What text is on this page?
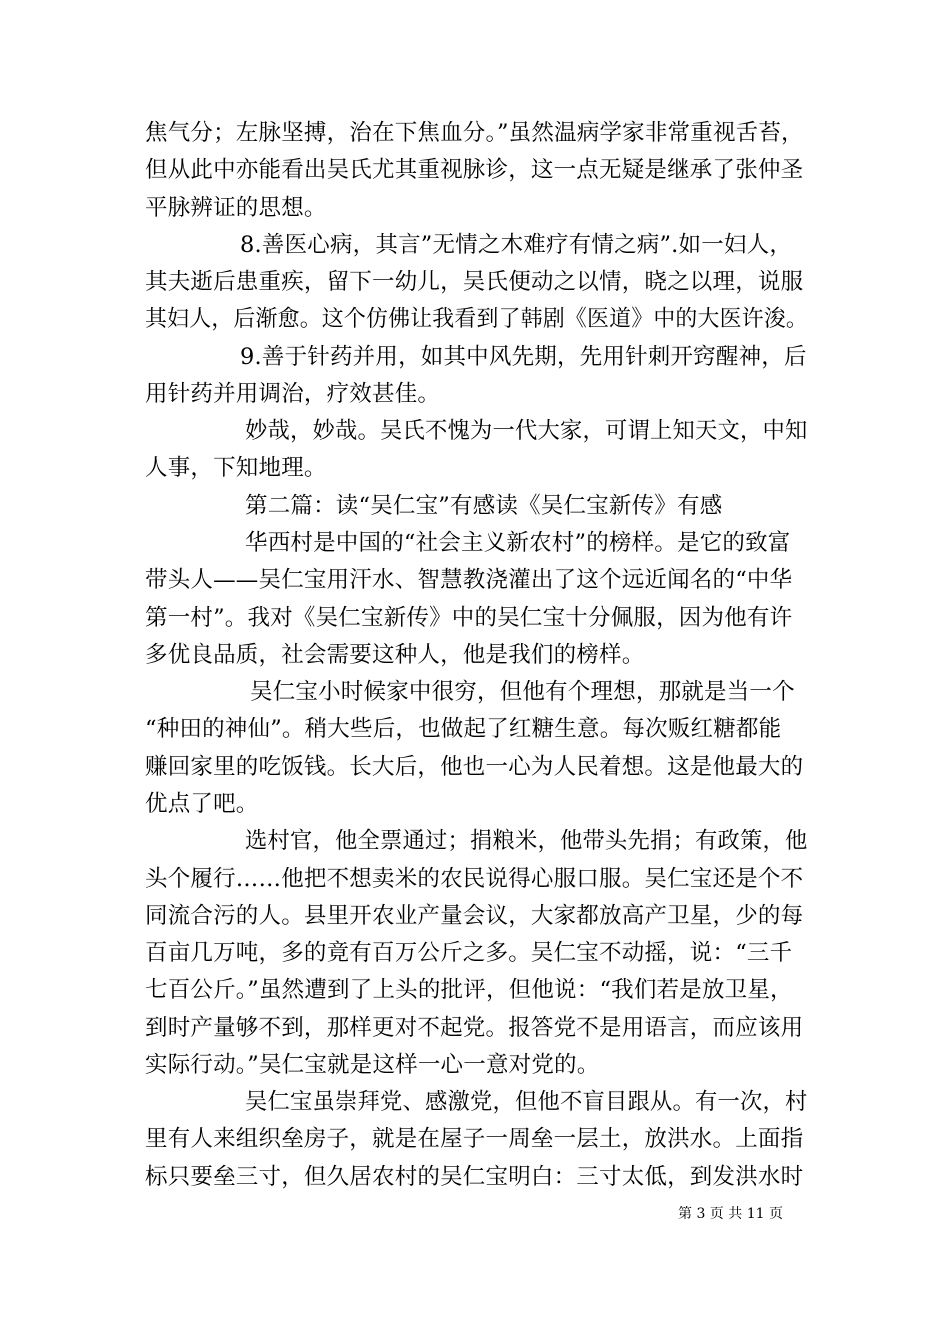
焦气分；左脉坚搏，治在下焦血分。”虽然温病学家非常重视舌苔，
但从此中亦能看出吴氏尤其重视脉诊，这一点无疑是继承了张仲圣
平脉辨证的思想。
8.善医心病，其言”无情之木难疗有情之病”.如一妇人，
其夫逝后患重疾，留下一幼儿，吴氏便动之以情，晓之以理，说服
其妇人，后渐愈。这个仿佛让我看到了韩剧《医道》中的大医许浚。
9.善于针药并用，如其中风先期，先用针刺开窍醒神，后
用针药并用调治，疗效甚佳。
妙哉，妙哉。吴氏不愧为一代大家，可谓上知天文，中知
人事，下知地理。
第二篇：读“吴仁宝”有感读《吴仁宝新传》有感
华西村是中国的“社会主义新农村”的榜样。是它的致富
带头人——吴仁宝用汗水、智慧教浇灌出了这个远近闻名的“中华
第一村”。我对《吴仁宝新传》中的吴仁宝十分佩服，因为他有许
多优良品质，社会需要这种人，他是我们的榜样。
吴仁宝小时候家中很穷，但他有个理想，那就是当一个
“种田的神仙”。稍大些后，也做起了红糖生意。每次贩红糖都能
赚回家里的吃饭钱。长大后，他也一心为人民着想。这是他最大的
优点了吧。
选村官，他全票通过；捐粮米，他带头先捐；有政策，他
头个履行……他把不想卖米的农民说得心服口服。吴仁宝还是个不
同流合污的人。县里开农业产量会议，大家都放高产卫星，少的每
百亩几万吨，多的竟有百万公斤之多。吴仁宝不动摇，说：“三千
七百公斤。”虽然遭到了上头的批评，但他说：“我们若是放卫星，
到时产量够不到，那样更对不起党。报答党不是用语言，而应该用
实际行动。”吴仁宝就是这样一心一意对党的。
吴仁宝虽崇拜党、感激党，但他不盲目跟从。有一次，村
里有人来组织垒房子，就是在屋子一周垒一层土，放洪水。上面指
标只要垒三寸，但久居农村的吴仁宝明白：三寸太低，到发洪水时
第 3 页 共 11 页
